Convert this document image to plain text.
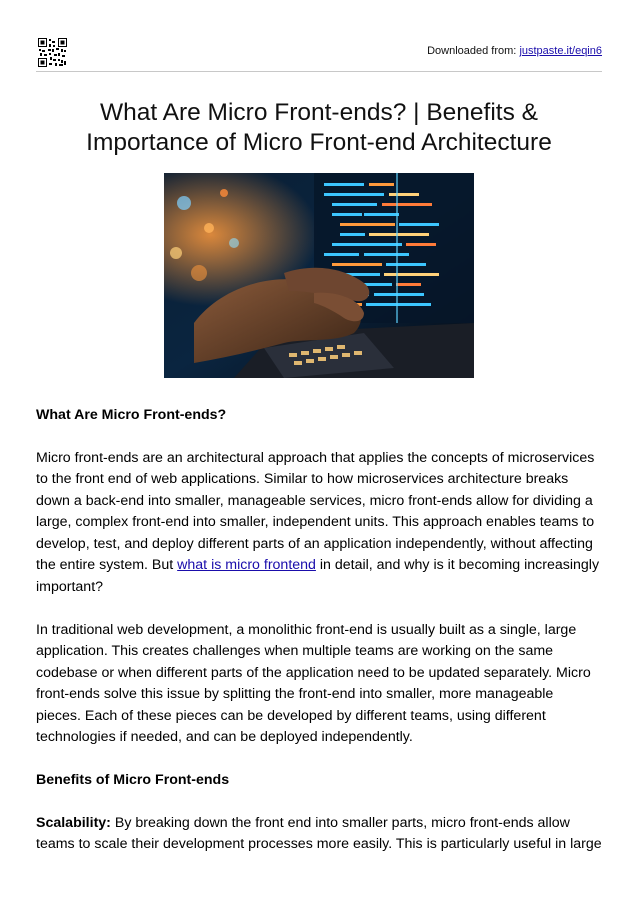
Downloaded from: justpaste.it/eqin6
What Are Micro Front-ends? | Benefits & Importance of Micro Front-end Architecture
What Are Micro Front-ends?

Micro front-ends are an architectural approach that applies the concepts of microservices to the front end of web applications. Similar to how microservices architecture breaks down a back-end into smaller, manageable services, micro front-ends allow for dividing a large, complex front-end into smaller, independent units. This approach enables teams to develop, test, and deploy different parts of an application independently, without affecting the entire system. But what is micro frontend in detail, and why is it becoming increasingly important?

In traditional web development, a monolithic front-end is usually built as a single, large application. This creates challenges when multiple teams are working on the same codebase or when different parts of the application need to be updated separately. Micro front-ends solve this issue by splitting the front-end into smaller, more manageable pieces. Each of these pieces can be developed by different teams, using different technologies if needed, and can be deployed independently.

Benefits of Micro Front-ends

Scalability: By breaking down the front end into smaller parts, micro front-ends allow teams to scale their development processes more easily. This is particularly useful in large
